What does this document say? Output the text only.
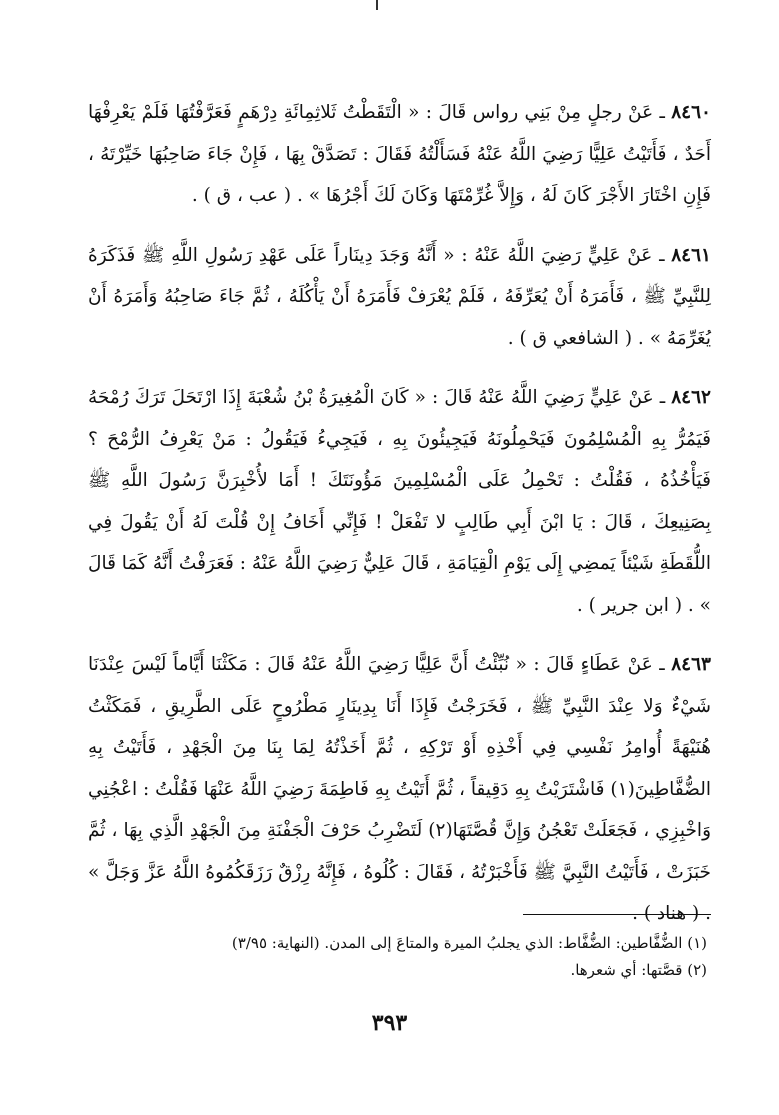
٨٤٦٠ ـ عَنْ رجلٍ مِنْ بَنِي رواس قَالَ : « الْتَقَطْتُ ثَلاثِمِائَةِ دِرْهَمٍ فَعَرَّفْتُهَا فَلَمْ يَعْرِفْهَا أَحَدٌ ، فَأَتَيْتُ عَلِيًّا رَضِيَ اللَّهُ عَنْهُ فَسَأَلْتُهُ فَقَالَ : تَصَدَّقْ بِهَا ، فَإِنْ جَاءَ صَاحِبُهَا خَيِّرْتَهُ ، فَإِنِ اخْتَارَ الأَجْرَ كَانَ لَهُ ، وَإِلاَّ غُرِّمْتَهَا وَكَانَ لَكَ أَجْرُهَا » . ( عب ، ق ) .

٨٤٦١ ـ عَنْ عَلِيٍّ رَضِيَ اللَّهُ عَنْهُ : « أَنَّهُ وَجَدَ دِينَاراً عَلَى عَهْدِ رَسُولِ اللَّهِ ﷺ فَذَكَرَهُ لِلنَّبِيِّ ﷺ ، فَأَمَرَهُ أَنْ يُعَرِّفَهُ ، فَلَمْ يُعْرَفْ فَأَمَرَهُ أَنْ يَأْكُلَهُ ، ثُمَّ جَاءَ صَاحِبُهُ وَأَمَرَهُ أَنْ يُغَرِّمَهُ » . ( الشافعي ق ) .

٨٤٦٢ ـ عَنْ عَلِيٍّ رَضِيَ اللَّهُ عَنْهُ قَالَ : « كَانَ الْمُغِيرَةُ بْنُ شُعْبَةَ إِذَا ارْتَحَلَ تَرَكَ رُمْحَهُ فَيَمُرُّ بِهِ الْمُسْلِمُونَ فَيَحْمِلُونَهُ فَيَجِيئُونَ بِهِ ، فَيَجِيءُ فَيَقُولُ : مَنْ يَعْرِفُ الرُّمْحَ ؟ فَيَأْخُذُهُ ، فَقُلْتُ : تَحْمِلُ عَلَى الْمُسْلِمِينَ مَؤُونَتَكَ ! أَمَا لأُخْبِرَنَّ رَسُولَ اللَّهِ ﷺ بِصَنِيعِكَ ، قَالَ : يَا ابْنَ أَبِي طَالِبٍ لا تَفْعَلْ ! فَإِنِّي أَخَافُ إِنْ قُلْتَ لَهُ أَنْ يَقُولَ فِي اللُّقَطَةِ شَيْئاً يَمضِي إِلَى يَوْمِ الْقِيَامَةِ ، قَالَ عَلِيٌّ رَضِيَ اللَّهُ عَنْهُ : فَعَرَفْتُ أَنَّهُ كَمَا قَالَ » . ( ابن جرير ) .

٨٤٦٣ ـ عَنْ عَطَاءٍ قَالَ : « نُبِّئْتُ أَنَّ عَلِيًّا رَضِيَ اللَّهُ عَنْهُ قَالَ : مَكَثْنَا أَيَّاماً لَيْسَ عِنْدَنَا شَيْءٌ وَلا عِنْدَ النَّبِيِّ ﷺ ، فَخَرَجْتُ فَإِذَا أَنَا بِدِينَارٍ مَطْرُوحٍ عَلَى الطَّرِيقِ ، فَمَكَثْتُ هُنَيْهَةً أُوامِرُ نَفْسِي فِي أَخْذِهِ أَوْ تَرْكِهِ ، ثُمَّ أَخَذْتُهُ لِمَا بِنَا مِنَ الْجَهْدِ ، فَأَتَيْتُ بِهِ الضُّفَّاطِينَ(١) فَاشْتَرَيْتُ بِهِ دَقِيقاً ، ثُمَّ أَتَيْتُ بِهِ فَاطِمَةَ رَضِيَ اللَّهُ عَنْهَا فَقُلْتُ : اعْجُنِي وَاخْبِزِي ، فَجَعَلَتْ تَعْجُنُ وَإِنَّ قُصَّتَهَا(٢) لَتَضْرِبُ حَرْفَ الْجَفْنَةِ مِنَ الْجَهْدِ الَّذِي بِهَا ، ثُمَّ خَبَزَتْ ، فَأَتَيْتُ النَّبِيَّ ﷺ فَأَخْبَرْتُهُ ، فَقَالَ : كُلُوهُ ، فَإِنَّهُ رِزْقٌ رَزَقَكُمُوهُ اللَّهُ عَزَّ وَجَلَّ » . ( هناد ) .

(١) الضُّفَّاطين: الضُّفَّاط: الذي يجلبُ الميرة والمتاعَ إلى المدن. (النهاية: ٣/٩٥)
(٢) قصَّتها: أي شعرها.
٣٩٣
